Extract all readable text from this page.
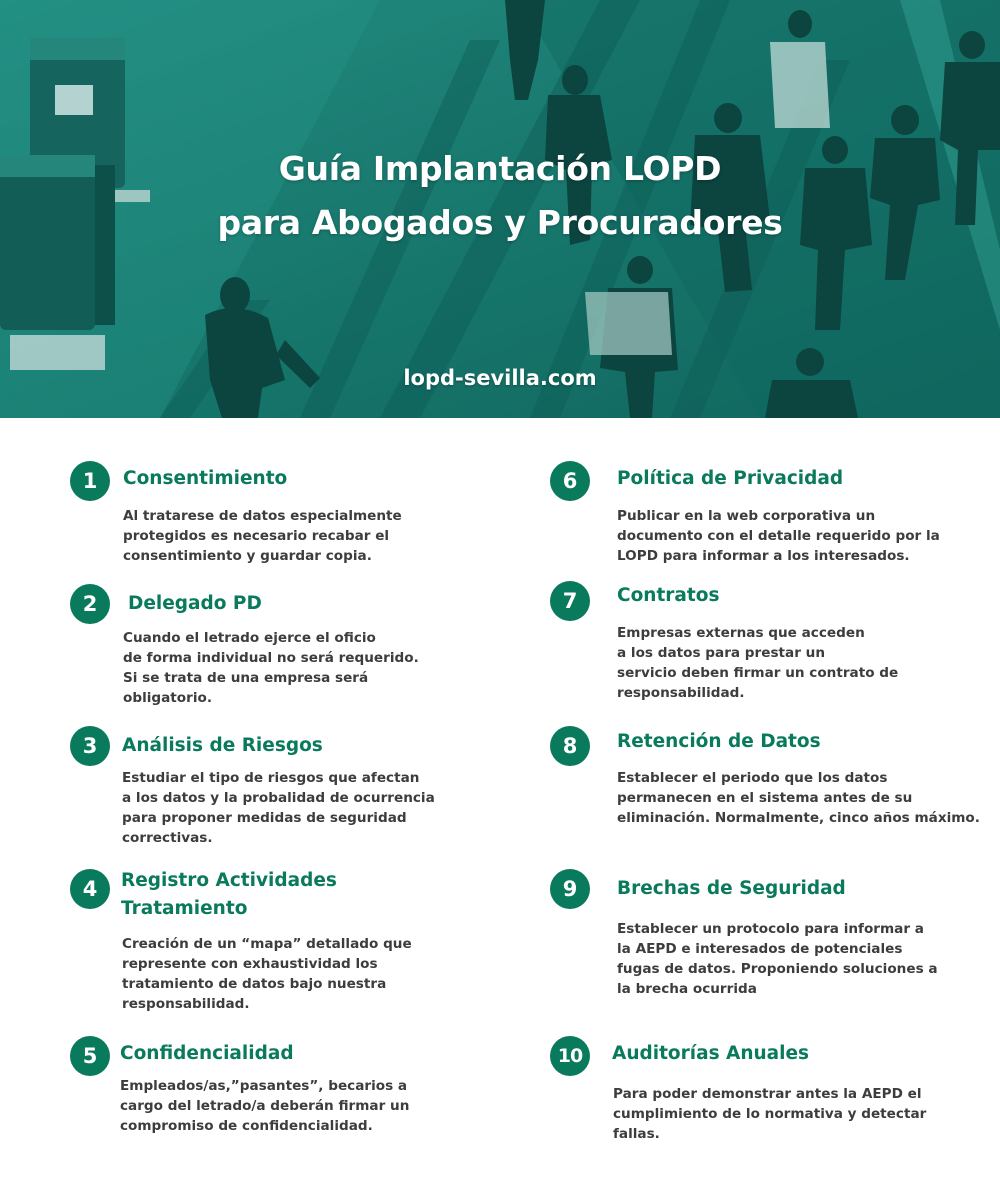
Guía Implantación LOPD
para Abogados y Procuradores
lopd-sevilla.com
1	Consentimiento
Al tratarese de datos especialmente
protegidos es necesario recabar el
consentimiento y guardar copia.
2	Delegado PD
Cuando el letrado ejerce el oficio
de forma individual no será requerido.
Si se trata de una empresa será
obligatorio.
3	Análisis de Riesgos
Estudiar el tipo de riesgos que afectan
a los datos y la probalidad de ocurrencia
para proponer medidas de seguridad
correctivas.
4	Registro Actividades
Tratamiento
Creación de un “mapa” detallado que
represente con exhaustividad los
tratamiento de datos bajo nuestra
responsabilidad.
5	Confidencialidad
Empleados/as,”pasantes”, becarios a
cargo del letrado/a deberán firmar un
compromiso de confidencialidad.
6	Política de Privacidad
Publicar en la web corporativa un
documento con el detalle requerido por la
LOPD para informar a los interesados.
7	Contratos
Empresas externas que acceden
a los datos para prestar un
servicio deben firmar un contrato de
responsabilidad.
8	Retención de Datos
Establecer el periodo que los datos
permanecen en el sistema antes de su
eliminación. Normalmente, cinco años máximo.
9	Brechas de Seguridad
Establecer un protocolo para informar a
la AEPD e interesados de potenciales
fugas de datos. Proponiendo soluciones a
la brecha ocurrida
10	Auditorías Anuales
Para poder demonstrar antes la AEPD el
cumplimiento de lo normativa y detectar
fallas.
